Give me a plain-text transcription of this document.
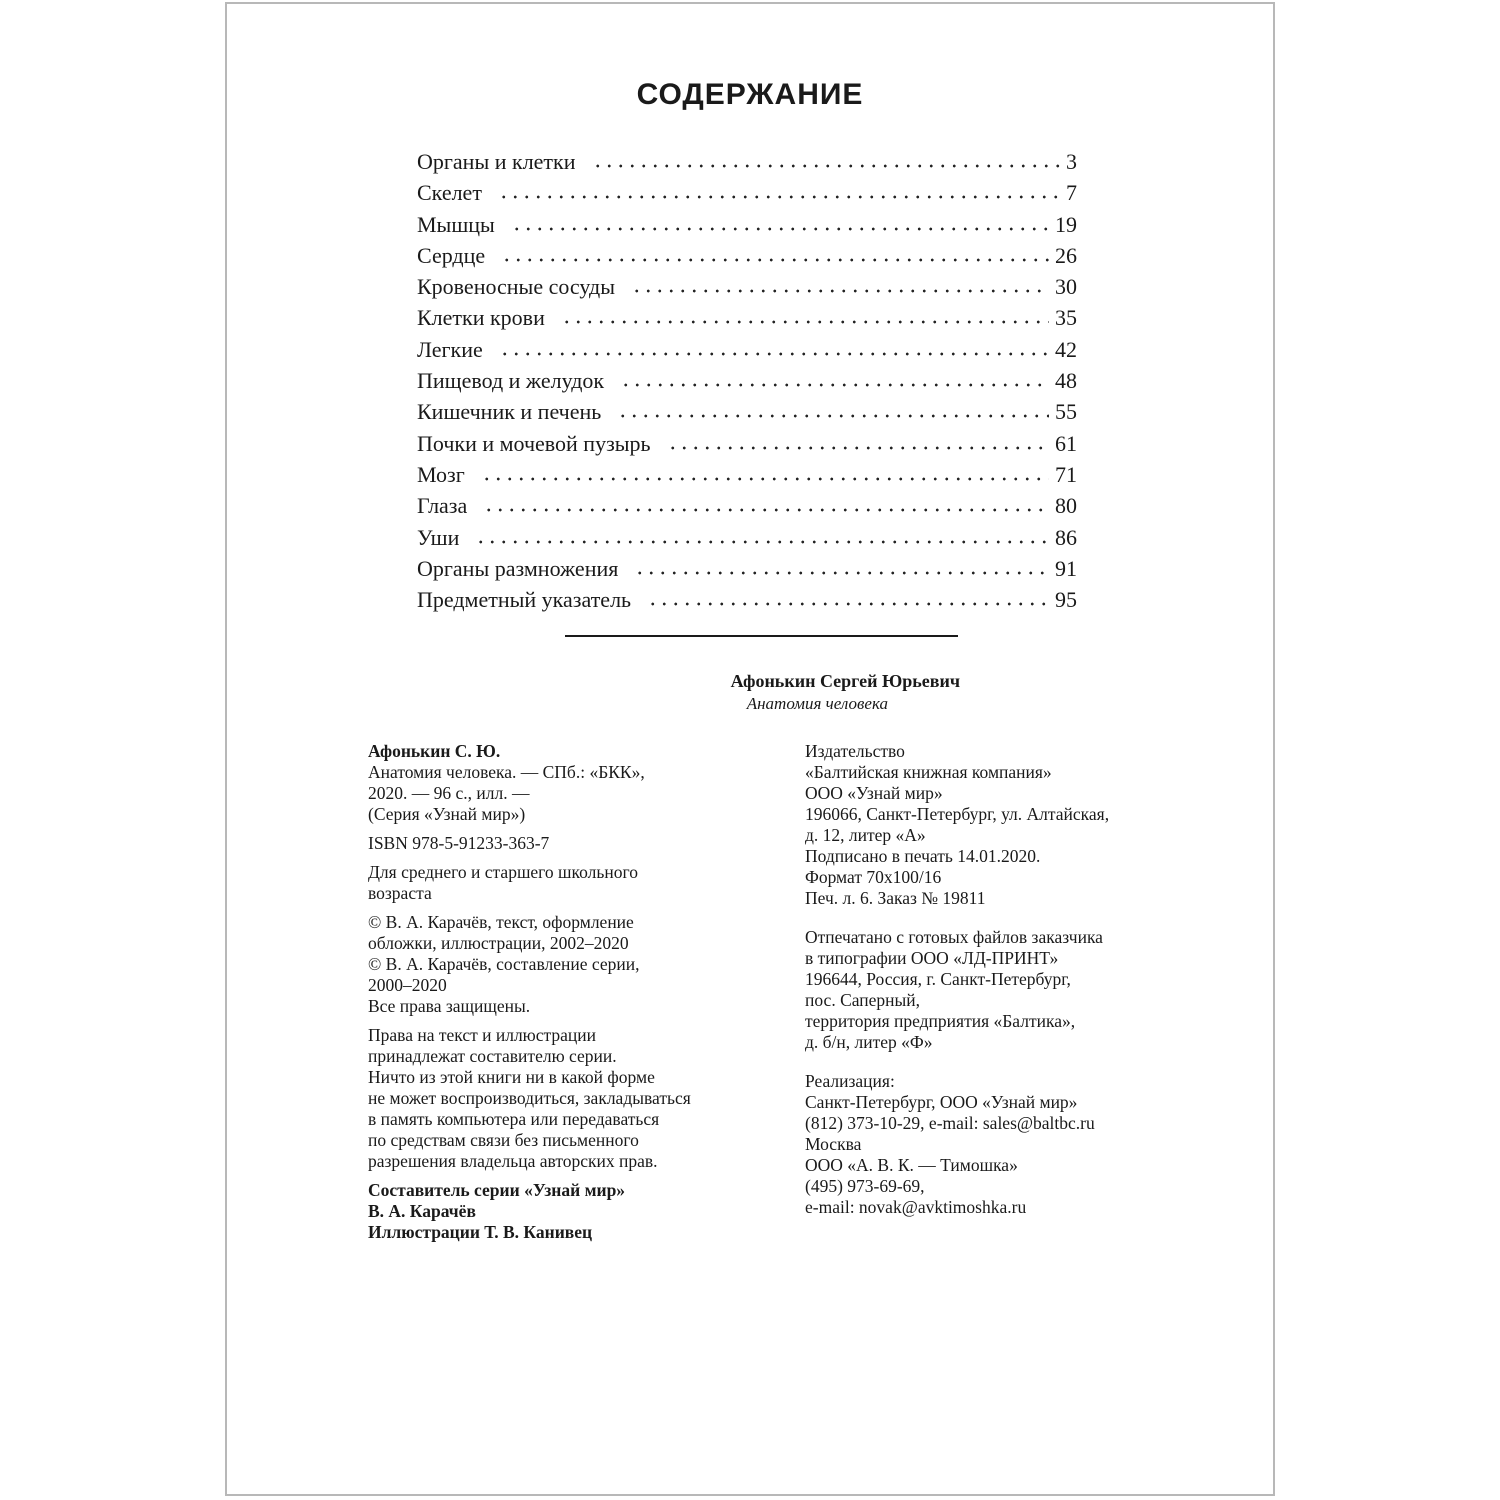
СОДЕРЖАНИЕ
Органы и клетки	3
Скелет	7
Мышцы	19
Сердце	26
Кровеносные сосуды	30
Клетки крови	35
Легкие	42
Пищевод и желудок	48
Кишечник и печень	55
Почки и мочевой пузырь	61
Мозг	71
Глаза	80
Уши	86
Органы размножения	91
Предметный указатель	95

Афонькин Сергей Юрьевич

Анатомия человека

Афонькин С. Ю.

Анатомия человека. — СПб.: «БКК»,

2020. — 96 с., илл. —

(Серия «Узнай мир»)

ISBN 978-5-91233-363-7

Для среднего и старшего школьного

возраста

© В. А. Карачёв, текст, оформление

обложки, иллюстрации, 2002–2020

© В. А. Карачёв, составление серии,

2000–2020

Все права защищены.

Права на текст и иллюстрации

принадлежат составителю серии.

Ничто из этой книги ни в какой форме

не может воспроизводиться, закладываться

в память компьютера или передаваться

по средствам связи без письменного

разрешения владельца авторских прав.

Составитель серии «Узнай мир»

В. А. Карачёв

Иллюстрации Т. В. Канивец

Издательство

«Балтийская книжная компания»

ООО «Узнай мир»

196066, Санкт-Петербург, ул. Алтайская,

д. 12, литер «А»

Подписано в печать 14.01.2020.

Формат 70x100/16

Печ. л. 6. Заказ № 19811

Отпечатано с готовых файлов заказчика

в типографии ООО «ЛД-ПРИНТ»

196644, Россия, г. Санкт-Петербург,

пос. Саперный,

территория предприятия «Балтика»,

д. б/н, литер «Ф»

Реализация:

Санкт-Петербург, ООО «Узнай мир»

(812) 373-10-29, e-mail: sales@baltbc.ru

Москва

ООО «А. В. К. — Тимошка»

(495) 973-69-69,

e-mail: novak@avktimoshka.ru
